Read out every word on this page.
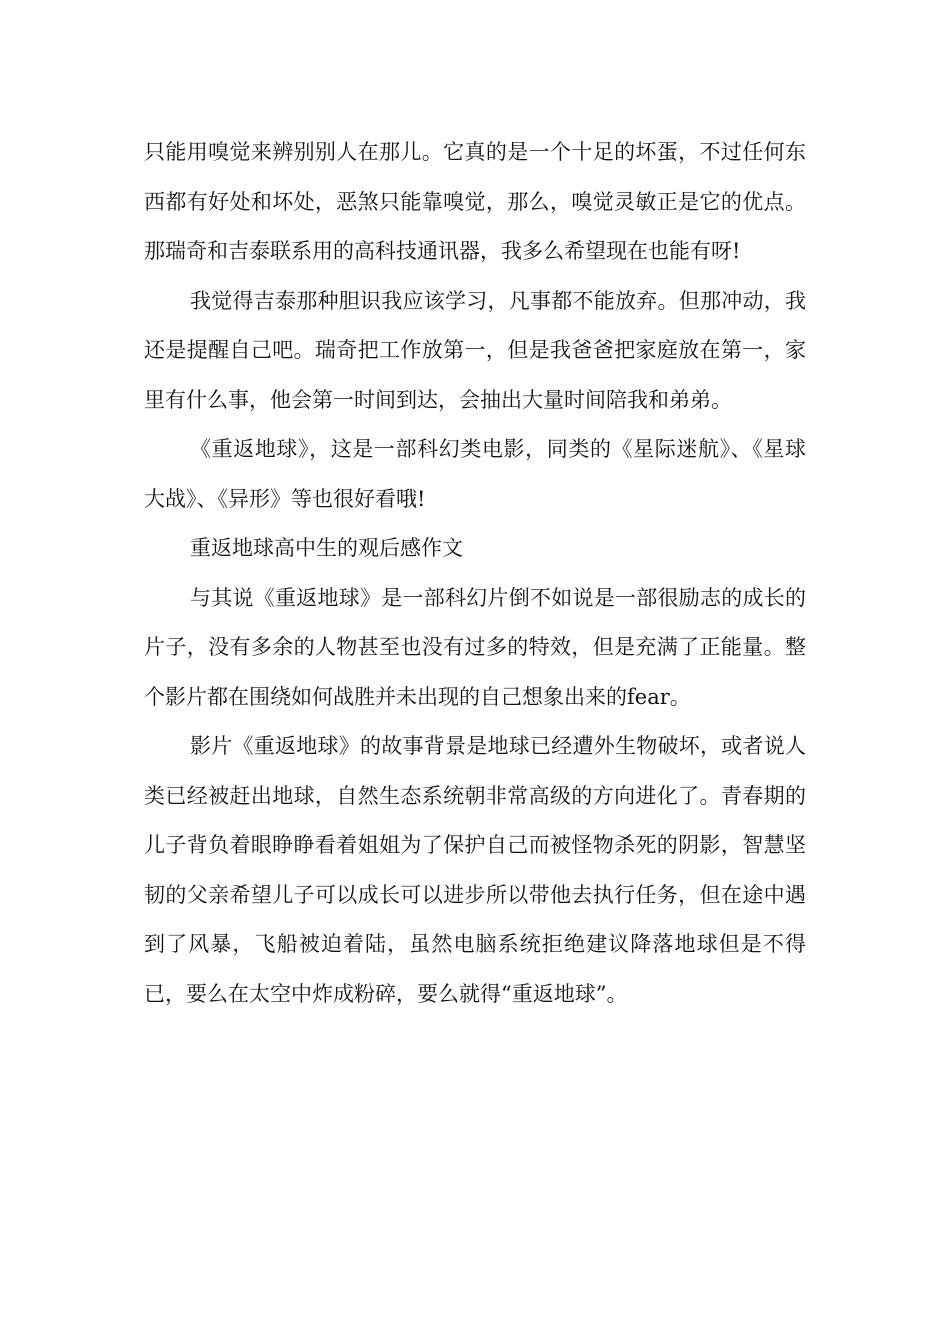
只能用嗅觉来辨别别人在那儿。它真的是一个十足的坏蛋，不过任何东西都有好处和坏处，恶煞只能靠嗅觉，那么，嗅觉灵敏正是它的优点。那瑞奇和吉泰联系用的高科技通讯器，我多么希望现在也能有呀!

我觉得吉泰那种胆识我应该学习，凡事都不能放弃。但那冲动，我还是提醒自己吧。瑞奇把工作放第一，但是我爸爸把家庭放在第一，家里有什么事，他会第一时间到达，会抽出大量时间陪我和弟弟。

《重返地球》，这是一部科幻类电影，同类的《星际迷航》、《星球大战》、《异形》等也很好看哦!

重返地球高中生的观后感作文

与其说《重返地球》是一部科幻片倒不如说是一部很励志的成长的片子，没有多余的人物甚至也没有过多的特效，但是充满了正能量。整个影片都在围绕如何战胜并未出现的自己想象出来的fear。

影片《重返地球》的故事背景是地球已经遭外生物破坏，或者说人类已经被赶出地球，自然生态系统朝非常高级的方向进化了。青春期的儿子背负着眼睁睁看着姐姐为了保护自己而被怪物杀死的阴影，智慧坚韧的父亲希望儿子可以成长可以进步所以带他去执行任务，但在途中遇到了风暴，飞船被迫着陆，虽然电脑系统拒绝建议降落地球但是不得已，要么在太空中炸成粉碎，要么就得“重返地球”。
